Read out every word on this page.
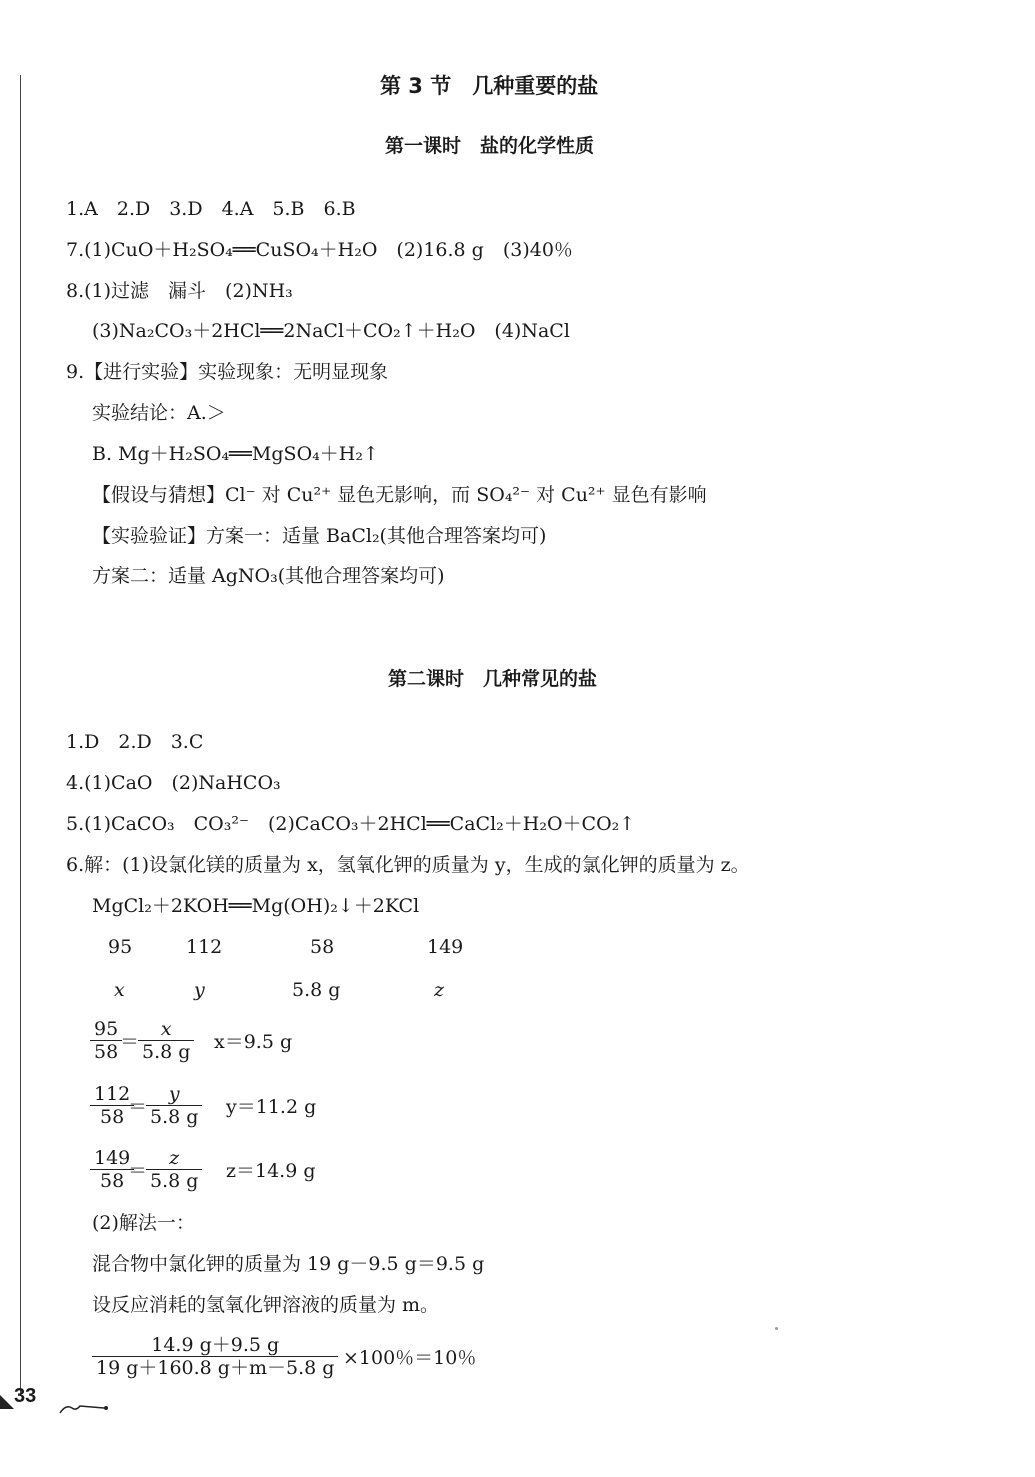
第 3 节　几种重要的盐
第一课时　盐的化学性质
1.A　2.D　3.D　4.A　5.B　6.B
7.(1)CuO＋H₂SO₄══CuSO₄＋H₂O　(2)16.8 g　(3)40％
8.(1)过滤　漏斗　(2)NH₃
(3)Na₂CO₃＋2HCl══2NaCl＋CO₂↑＋H₂O　(4)NaCl
9.【进行实验】实验现象：无明显现象
实验结论：A.＞
B. Mg＋H₂SO₄══MgSO₄＋H₂↑
【假设与猜想】Cl⁻ 对 Cu²⁺ 显色无影响，而 SO₄²⁻ 对 Cu²⁺ 显色有影响
【实验验证】方案一：适量 BaCl₂(其他合理答案均可)
方案二：适量 AgNO₃(其他合理答案均可)
第二课时　几种常见的盐
1.D　2.D　3.C
4.(1)CaO　(2)NaHCO₃
5.(1)CaCO₃　CO₃²⁻　(2)CaCO₃＋2HCl══CaCl₂＋H₂O＋CO₂↑
6.解：(1)设氯化镁的质量为 x，氢氧化钾的质量为 y，生成的氯化钾的质量为 z。
MgCl₂＋2KOH══Mg(OH)₂↓＋2KCl
95	112	58	149
x	y	5.8 g	z
$\frac{95}{58}$
＝
$\frac{x}{5.8 g} x=9.5$ g
$\frac{112}{58}$
＝
$\frac{y}{5.8 g} y=11.2$ g
$\frac{149}{58}$
＝
$\frac{z}{5.8 g} z=14.9$ g
(2)解法一：
混合物中氯化钾的质量为 19 g－9.5 g＝9.5 g
设反应消耗的氢氧化钾溶液的质量为 m。
$\frac{14.9 g+9.5 g}{19 g+160.8 g+m-5.8 g} \times 100$％＝10％
33
